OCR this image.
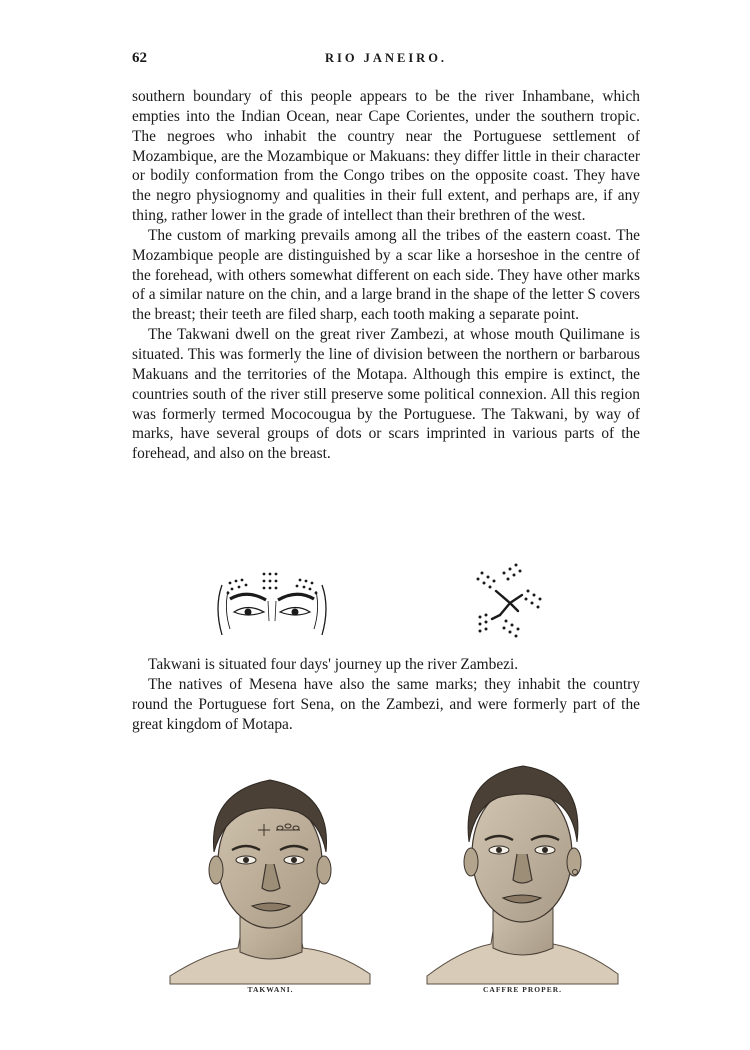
62	RIO JANEIRO.

southern boundary of this people appears to be the river Inhambane, which empties into the Indian Ocean, near Cape Corientes, under the southern tropic. The negroes who inhabit the country near the Portuguese settlement of Mozambique, are the Mozambique or Makuans: they differ little in their character or bodily conformation from the Congo tribes on the opposite coast. They have the negro physiognomy and qualities in their full extent, and perhaps are, if any thing, rather lower in the grade of intellect than their brethren of the west.

The custom of marking prevails among all the tribes of the eastern coast. The Mozambique people are distinguished by a scar like a horseshoe in the centre of the forehead, with others somewhat different on each side. They have other marks of a similar nature on the chin, and a large brand in the shape of the letter S covers the breast; their teeth are filed sharp, each tooth making a separate point.

The Takwani dwell on the great river Zambezi, at whose mouth Quilimane is situated. This was formerly the line of division between the northern or barbarous Makuans and the territories of the Motapa. Although this empire is extinct, the countries south of the river still preserve some political connexion. All this region was formerly termed Mococougua by the Portuguese. The Takwani, by way of marks, have several groups of dots or scars imprinted in various parts of the forehead, and also on the breast.

Takwani is situated four days' journey up the river Zambezi.

The natives of Mesena have also the same marks; they inhabit the country round the Portuguese fort Sena, on the Zambezi, and were formerly part of the great kingdom of Motapa.

TAKWANI.	CAFFRE PROPER.
